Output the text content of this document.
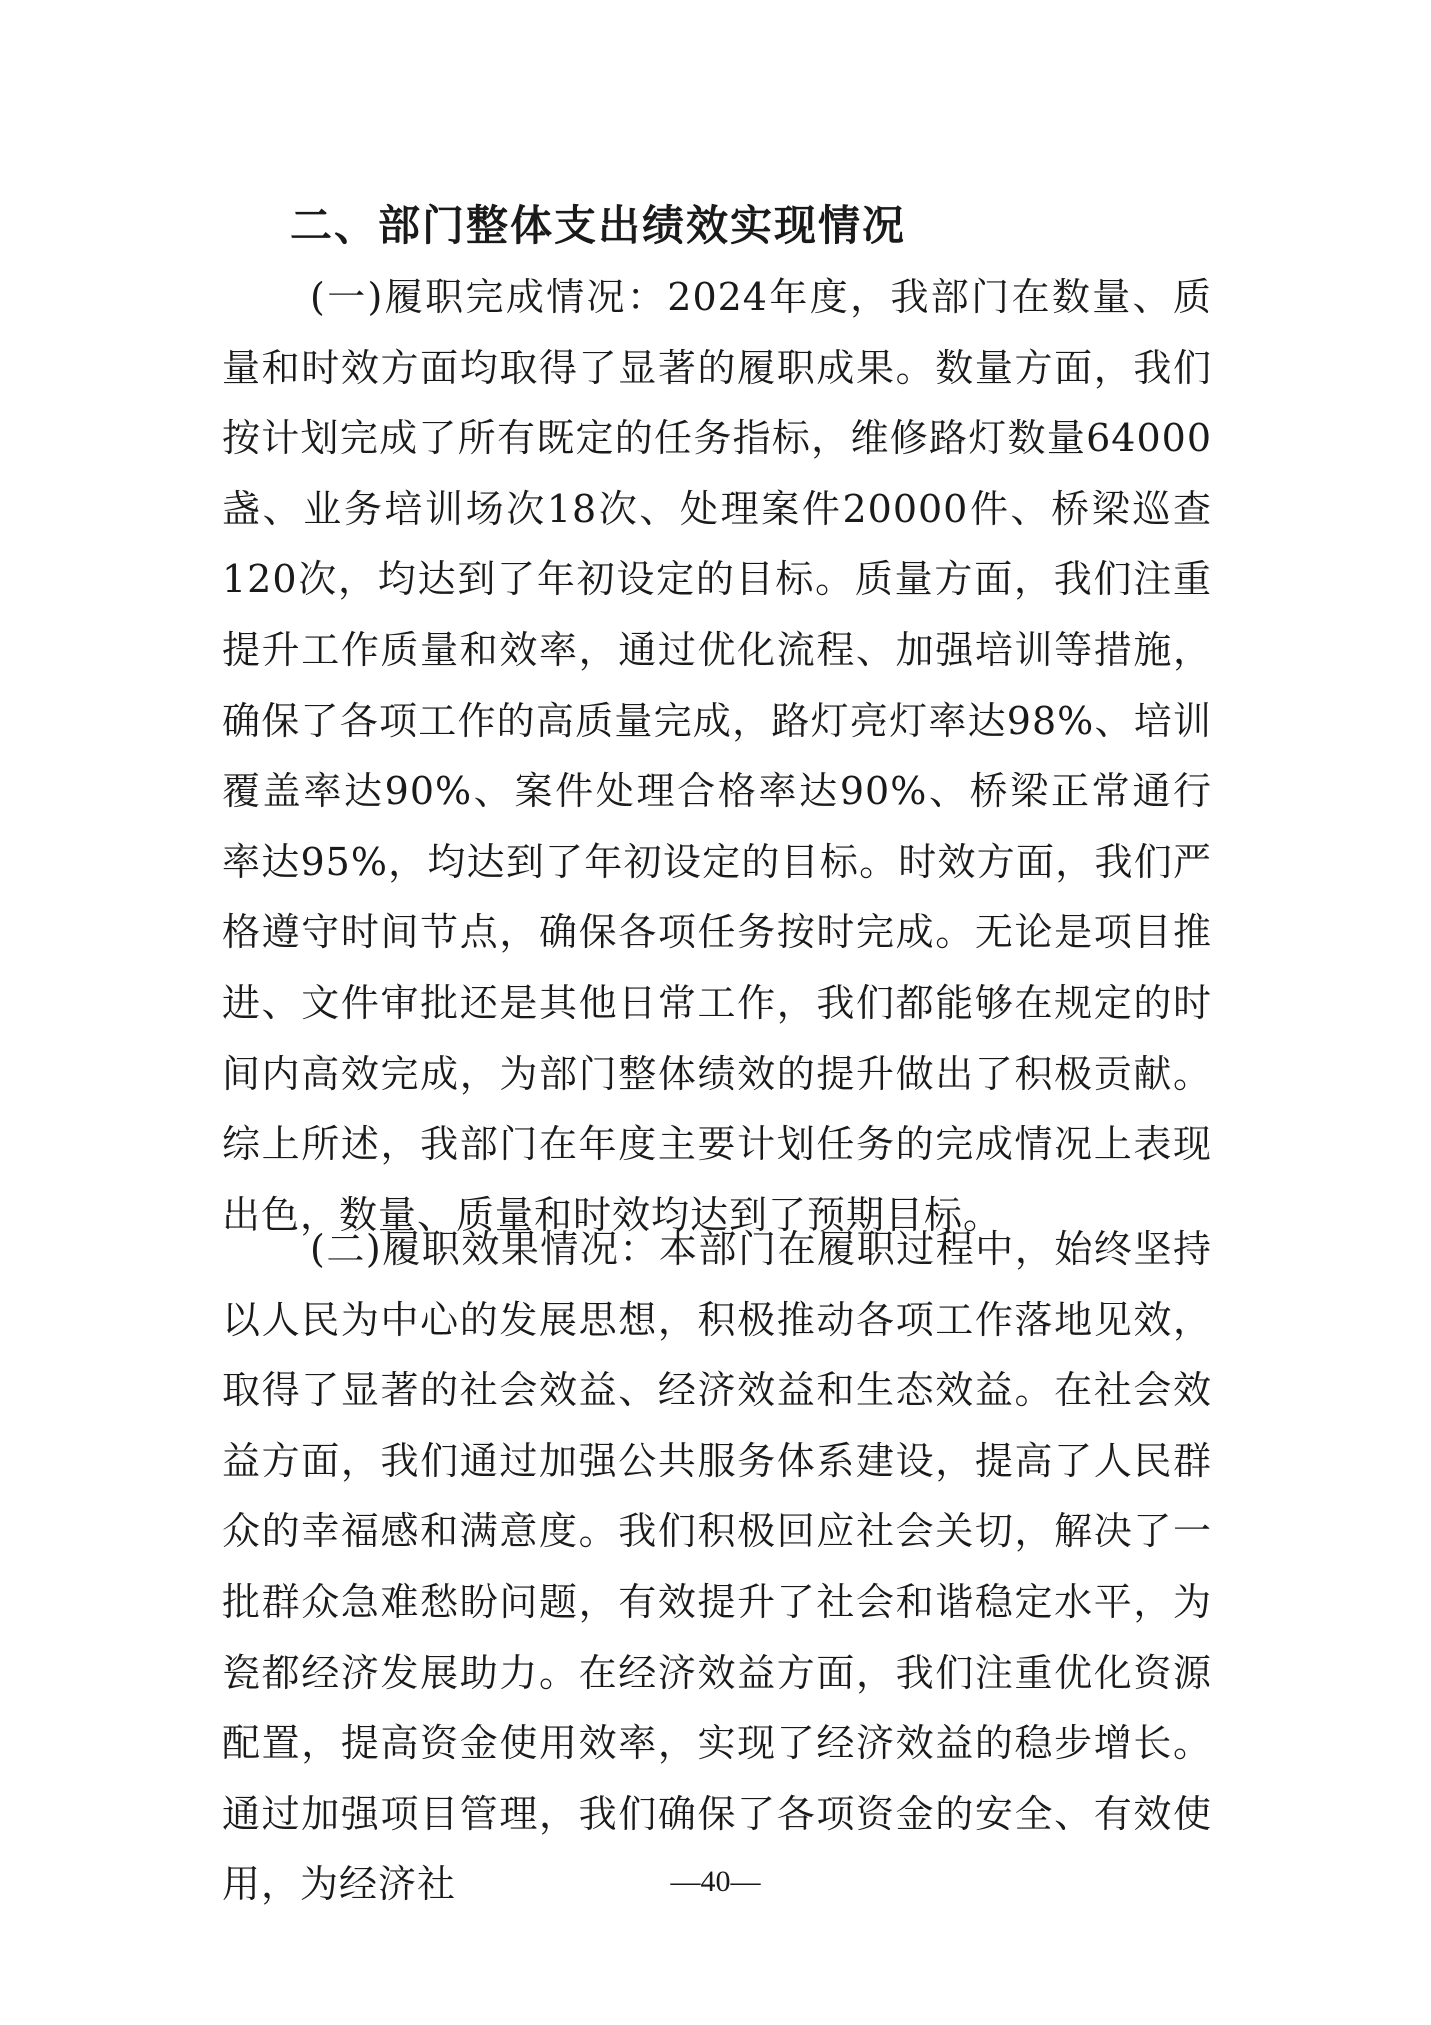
二、部门整体支出绩效实现情况

(一)履职完成情况：2024年度，我部门在数量、质量和时效方面均取得了显著的履职成果。数量方面，我们按计划完成了所有既定的任务指标，维修路灯数量64000盏、业务培训场次18次、处理案件20000件、桥梁巡查120次，均达到了年初设定的目标。质量方面，我们注重提升工作质量和效率，通过优化流程、加强培训等措施，确保了各项工作的高质量完成，路灯亮灯率达98%、培训覆盖率达90%、案件处理合格率达90%、桥梁正常通行率达95%，均达到了年初设定的目标。时效方面，我们严格遵守时间节点，确保各项任务按时完成。无论是项目推进、文件审批还是其他日常工作，我们都能够在规定的时间内高效完成，为部门整体绩效的提升做出了积极贡献。综上所述，我部门在年度主要计划任务的完成情况上表现出色，数量、质量和时效均达到了预期目标。

(二)履职效果情况：本部门在履职过程中，始终坚持以人民为中心的发展思想，积极推动各项工作落地见效，取得了显著的社会效益、经济效益和生态效益。在社会效益方面，我们通过加强公共服务体系建设，提高了人民群众的幸福感和满意度。我们积极回应社会关切，解决了一批群众急难愁盼问题，有效提升了社会和谐稳定水平，为瓷都经济发展助力。在经济效益方面，我们注重优化资源配置，提高资金使用效率，实现了经济效益的稳步增长。通过加强项目管理，我们确保了各项资金的安全、有效使用，为经济社	—40—
